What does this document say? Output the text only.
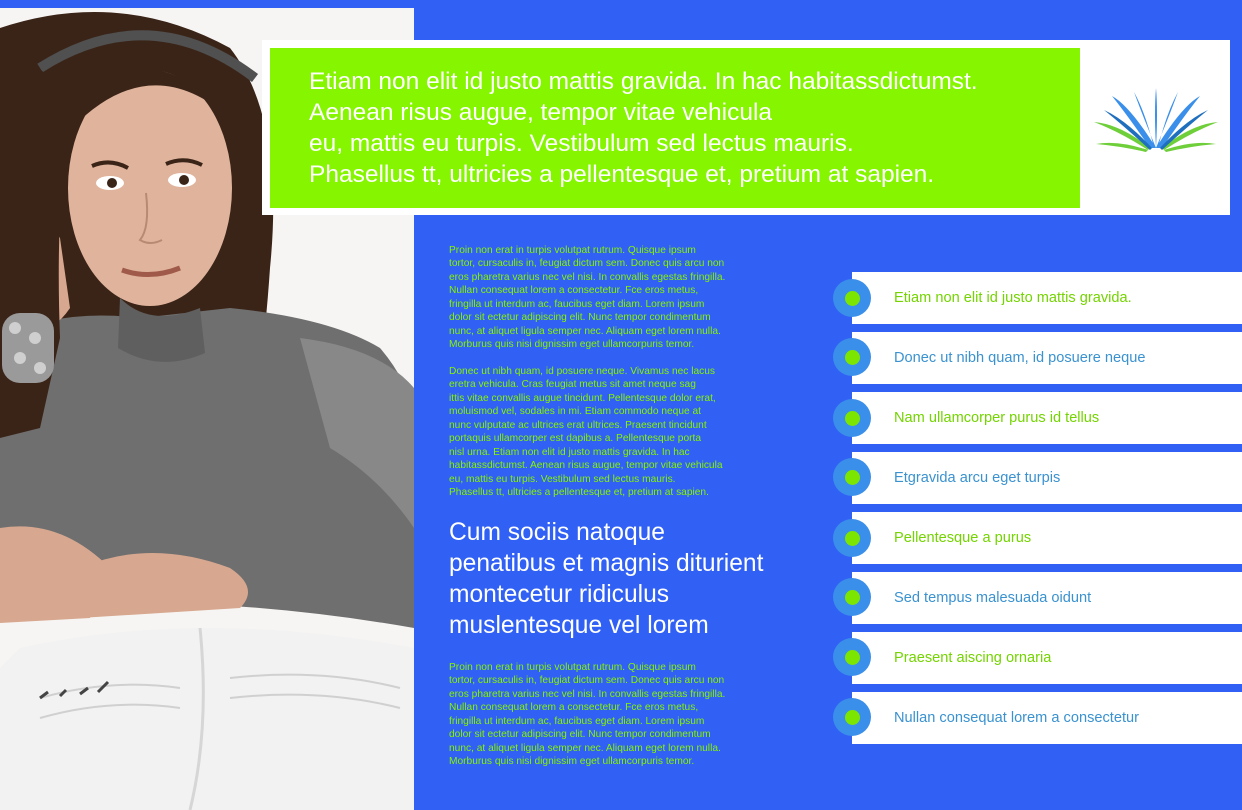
Etiam non elit id justo mattis gravida. In hac habitassdictumst.
Aenean risus augue, tempor vitae vehicula
eu, mattis eu turpis. Vestibulum sed lectus mauris.
Phasellus tt, ultricies a pellentesque et, pretium at sapien.
Proin non erat in turpis volutpat rutrum. Quisque ipsum
tortor, cursaculis in, feugiat dictum sem. Donec quis arcu non
eros pharetra varius nec vel nisi. In convallis egestas fringilla.
Nullan consequat lorem a consectetur. Fce eros metus,
fringilla ut interdum ac, faucibus eget diam. Lorem ipsum
dolor sit ectetur adipiscing elit. Nunc tempor condimentum
nunc, at aliquet ligula semper nec. Aliquam eget lorem nulla.
Morburus quis nisi dignissim eget ullamcorpuris temor.
Donec ut nibh quam, id posuere neque. Vivamus nec lacus
eretra vehicula. Cras feugiat metus sit amet neque sag
ittis vitae convallis augue tincidunt. Pellentesque dolor erat,
moluismod vel, sodales in mi. Etiam commodo neque at
nunc vulputate ac ultrices erat ultrices. Praesent tincidunt
portaquis ullamcorper est dapibus a. Pellentesque porta
nisl urna. Etiam non elit id justo mattis gravida. In hac
habitassdictumst. Aenean risus augue, tempor vitae vehicula
eu, mattis eu turpis. Vestibulum sed lectus mauris.
Phasellus tt, ultricies a pellentesque et, pretium at sapien.
Cum sociis natoque
penatibus et magnis diturient
montecetur ridiculus
muslentesque vel lorem
Proin non erat in turpis volutpat rutrum. Quisque ipsum
tortor, cursaculis in, feugiat dictum sem. Donec quis arcu non
eros pharetra varius nec vel nisi. In convallis egestas fringilla.
Nullan consequat lorem a consectetur. Fce eros metus,
fringilla ut interdum ac, faucibus eget diam. Lorem ipsum
dolor sit ectetur adipiscing elit. Nunc tempor condimentum
nunc, at aliquet ligula semper nec. Aliquam eget lorem nulla.
Morburus quis nisi dignissim eget ullamcorpuris temor.
Etiam non elit id justo mattis gravida.
Donec ut nibh quam, id posuere neque
Nam ullamcorper purus id tellus
Etgravida arcu eget turpis
Pellentesque a purus
Sed tempus malesuada oidunt
Praesent aiscing ornaria
Nullan consequat lorem a consectetur
